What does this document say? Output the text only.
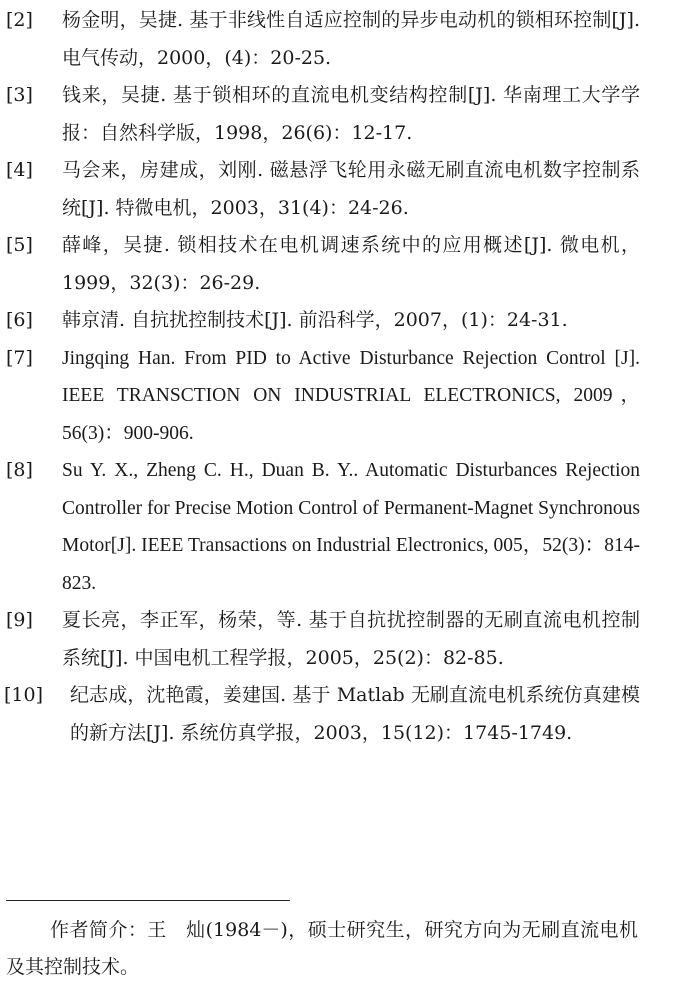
[2]	杨金明，吴捷. 基于非线性自适应控制的异步电动机的锁相环控制[J]. 电气传动，2000，(4)：20-25.
[3]	钱来，吴捷. 基于锁相环的直流电机变结构控制[J]. 华南理工大学学报：自然科学版，1998，26(6)：12-17.
[4]	马会来，房建成，刘刚. 磁悬浮飞轮用永磁无刷直流电机数字控制系统[J]. 特微电机，2003，31(4)：24-26.
[5]	薛峰，吴捷. 锁相技术在电机调速系统中的应用概述[J]. 微电机，1999，32(3)：26-29.
[6]	韩京清. 自抗扰控制技术[J]. 前沿科学，2007，(1)：24-31.
[7]	Jingqing Han. From PID to Active Disturbance Rejection Control [J]. IEEE TRANSCTION ON INDUSTRIAL ELECTRONICS, 2009，56(3)：900-906.
[8]	Su Y. X., Zheng C. H., Duan B. Y.. Automatic Disturbances Rejection Controller for Precise Motion Control of Permanent-Magnet Synchronous Motor[J]. IEEE Transactions on Industrial Electronics, 005，52(3)：814-823.
[9]	夏长亮，李正军，杨荣，等. 基于自抗扰控制器的无刷直流电机控制系统[J]. 中国电机工程学报，2005，25(2)：82-85.
[10]	纪志成，沈艳霞，姜建国. 基于 Matlab 无刷直流电机系统仿真建模的新方法[J]. 系统仿真学报，2003，15(12)：1745-1749.
作者简介：王　灿(1984－)，硕士研究生，研究方向为无刷直流电机及其控制技术。
